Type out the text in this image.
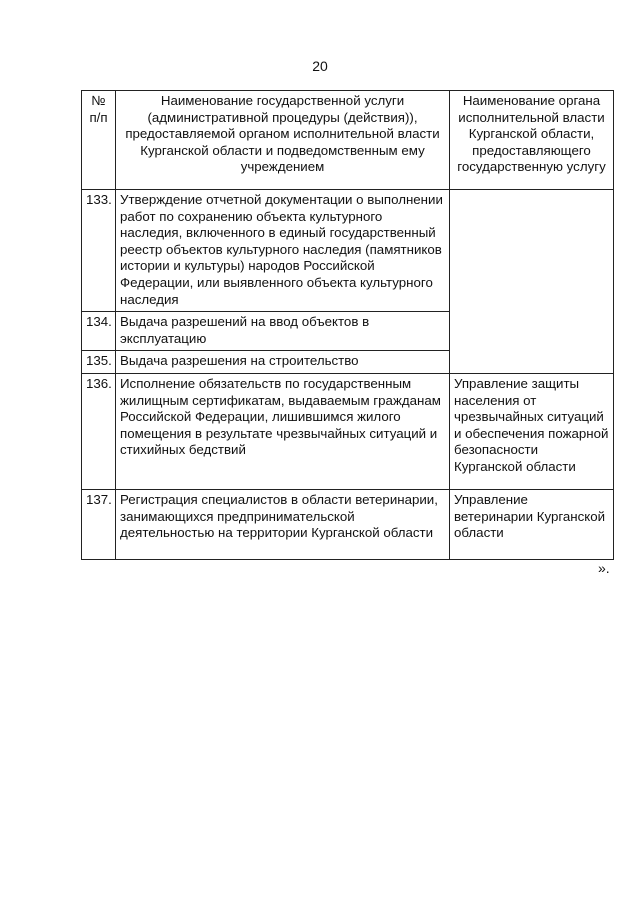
20
№ п/п	Наименование государственной услуги (административной процедуры (действия)), предоставляемой органом исполнительной власти Курганской области и подведомственным ему учреждением	Наименование органа исполнительной власти Курганской области, предоставляющего государственную услугу
133.	Утверждение отчетной документации о выполнении работ по сохранению объекта культурного наследия, включенного в единый государственный реестр объектов культурного наследия (памятников истории и культуры) народов Российской Федерации, или выявленного объекта культурного наследия	
134.	Выдача разрешений на ввод объектов в эксплуатацию	
135.	Выдача разрешения на строительство	
136.	Исполнение обязательств по государственным жилищным сертификатам, выдаваемым гражданам Российской Федерации, лишившимся жилого помещения в результате чрезвычайных ситуаций и стихийных бедствий	Управление защиты населения от чрезвычайных ситуаций и обеспечения пожарной безопасности Курганской области
137.	Регистрация специалистов в области ветеринарии, занимающихся предпринимательской деятельностью на территории Курганской области	Управление ветеринарии Курганской области
».
